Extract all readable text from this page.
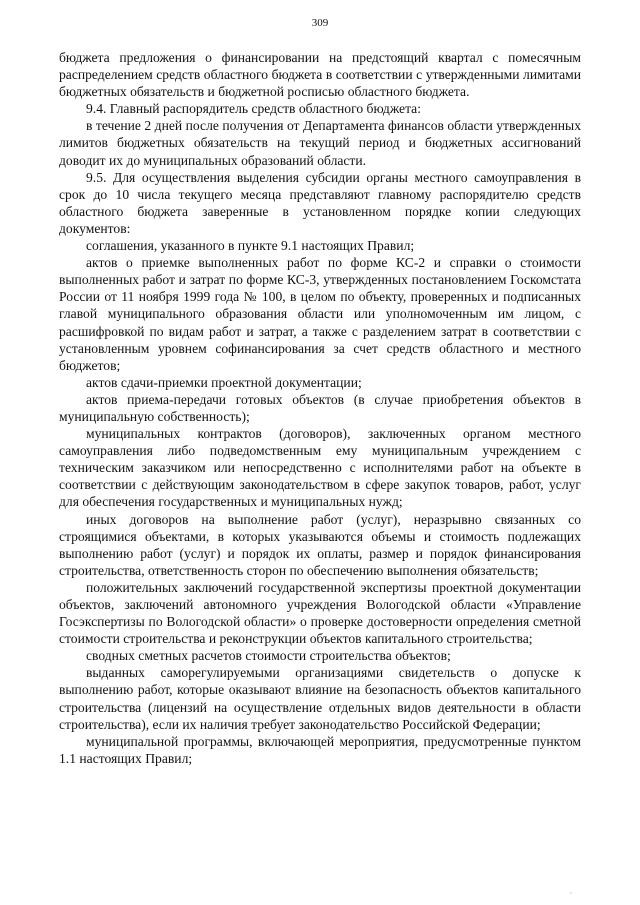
309

бюджета предложения о финансировании на предстоящий квартал с помесячным распределением средств областного бюджета в соответствии с утвержденными лимитами бюджетных обязательств и бюджетной росписью областного бюджета.

9.4. Главный распорядитель средств областного бюджета:

в течение 2 дней после получения от Департамента финансов области утвержденных лимитов бюджетных обязательств на текущий период и бюджетных ассигнований доводит их до муниципальных образований области.

9.5. Для осуществления выделения субсидии органы местного самоуправления в срок до 10 числа текущего месяца представляют главному распорядителю средств областного бюджета заверенные в установленном порядке копии следующих документов:

соглашения, указанного в пункте 9.1 настоящих Правил;

актов о приемке выполненных работ по форме КС-2 и справки о стоимости выполненных работ и затрат по форме КС-3, утвержденных постановлением Госкомстата России от 11 ноября 1999 года № 100, в целом по объекту, проверенных и подписанных главой муниципального образования области или уполномоченным им лицом, с расшифровкой по видам работ и затрат, а также с разделением затрат в соответствии с установленным уровнем софинансирования за счет средств областного и местного бюджетов;

актов сдачи-приемки проектной документации;

актов приема-передачи готовых объектов (в случае приобретения объектов в муниципальную собственность);

муниципальных контрактов (договоров), заключенных органом местного самоуправления либо подведомственным ему муниципальным учреждением с техническим заказчиком или непосредственно с исполнителями работ на объекте в соответствии с действующим законодательством в сфере закупок товаров, работ, услуг для обеспечения государственных и муниципальных нужд;

иных договоров на выполнение работ (услуг), неразрывно связанных со строящимися объектами, в которых указываются объемы и стоимость подлежащих выполнению работ (услуг) и порядок их оплаты, размер и порядок финансирования строительства, ответственность сторон по обеспечению выполнения обязательств;

положительных заключений государственной экспертизы проектной документации объектов, заключений автономного учреждения Вологодской области «Управление Госэкспертизы по Вологодской области» о проверке достоверности определения сметной стоимости строительства и реконструкции объектов капитального строительства;

сводных сметных расчетов стоимости строительства объектов;

выданных саморегулируемыми организациями свидетельств о допуске к выполнению работ, которые оказывают влияние на безопасность объектов капитального строительства (лицензий на осуществление отдельных видов деятельности в области строительства), если их наличия требует законодательство Российской Федерации;

муниципальной программы, включающей мероприятия, предусмотренные пунктом 1.1 настоящих Правил;

▫
